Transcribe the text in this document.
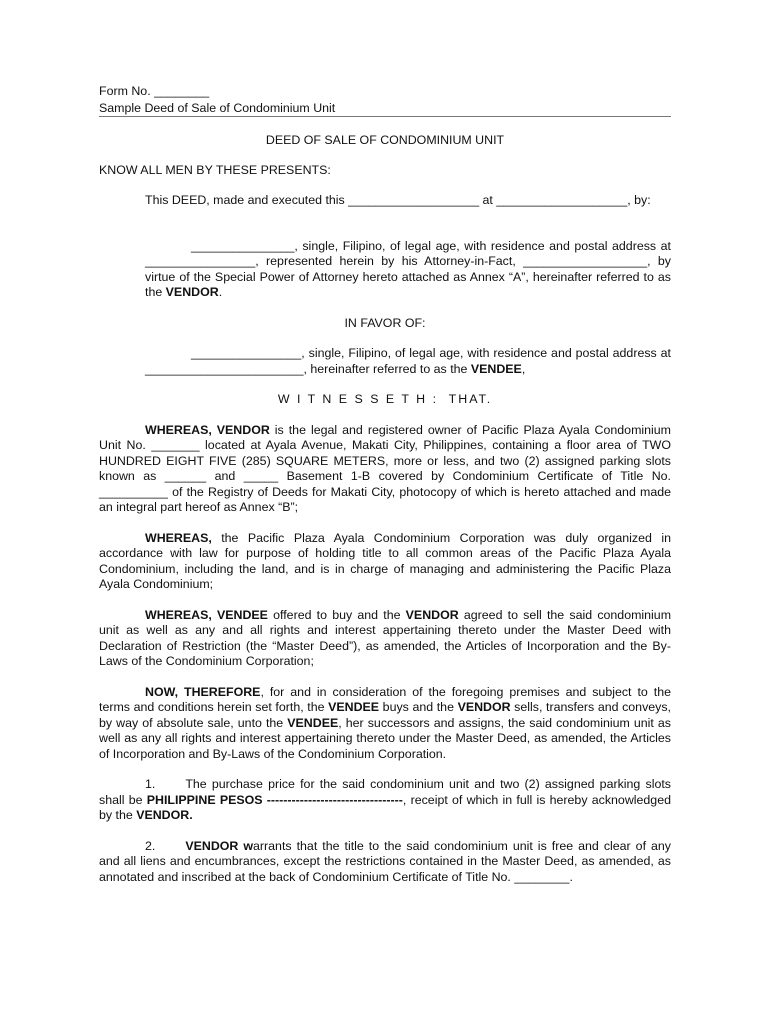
Form No. ________
Sample Deed of Sale of Condominium Unit
DEED OF SALE OF CONDOMINIUM UNIT
KNOW ALL MEN BY THESE PRESENTS:
This DEED, made and executed this ___________________ at ___________________, by:
_______________, single, Filipino, of legal age, with residence and postal address at ________________, represented herein by his Attorney-in-Fact, __________________, by virtue of the Special Power of Attorney hereto attached as Annex “A”, hereinafter referred to as the VENDOR.
IN FAVOR OF:
________________, single, Filipino, of legal age, with residence and postal address at _______________________, hereinafter referred to as the VENDEE,
W I T N E S S E T H :  THAT.
WHEREAS, VENDOR is the legal and registered owner of Pacific Plaza Ayala Condominium Unit No. _______ located at Ayala Avenue, Makati City, Philippines, containing a floor area of TWO HUNDRED EIGHT FIVE (285) SQUARE METERS, more or less, and two (2) assigned parking slots known as ______ and _____ Basement 1-B covered by Condominium Certificate of Title No. __________ of the Registry of Deeds for Makati City, photocopy of which is hereto attached and made an integral part hereof as Annex “B”;
WHEREAS, the Pacific Plaza Ayala Condominium Corporation was duly organized in accordance with law for purpose of holding title to all common areas of the Pacific Plaza Ayala Condominium, including the land, and is in charge of managing and administering the Pacific Plaza Ayala Condominium;
WHEREAS, VENDEE offered to buy and the VENDOR agreed to sell the said condominium unit as well as any and all rights and interest appertaining thereto under the Master Deed with Declaration of Restriction (the “Master Deed”), as amended, the Articles of Incorporation and the By-Laws of the Condominium Corporation;
NOW, THEREFORE, for and in consideration of the foregoing premises and subject to the terms and conditions herein set forth, the VENDEE buys and the VENDOR sells, transfers and conveys, by way of absolute sale, unto the VENDEE, her successors and assigns, the said condominium unit as well as any all rights and interest appertaining thereto under the Master Deed, as amended, the Articles of Incorporation and By-Laws of the Condominium Corporation.
1. The purchase price for the said condominium unit and two (2) assigned parking slots shall be PHILIPPINE PESOS ---------------------------------, receipt of which in full is hereby acknowledged by the VENDOR.
2. VENDOR warrants that the title to the said condominium unit is free and clear of any and all liens and encumbrances, except the restrictions contained in the Master Deed, as amended, as annotated and inscribed at the back of Condominium Certificate of Title No. ________.
